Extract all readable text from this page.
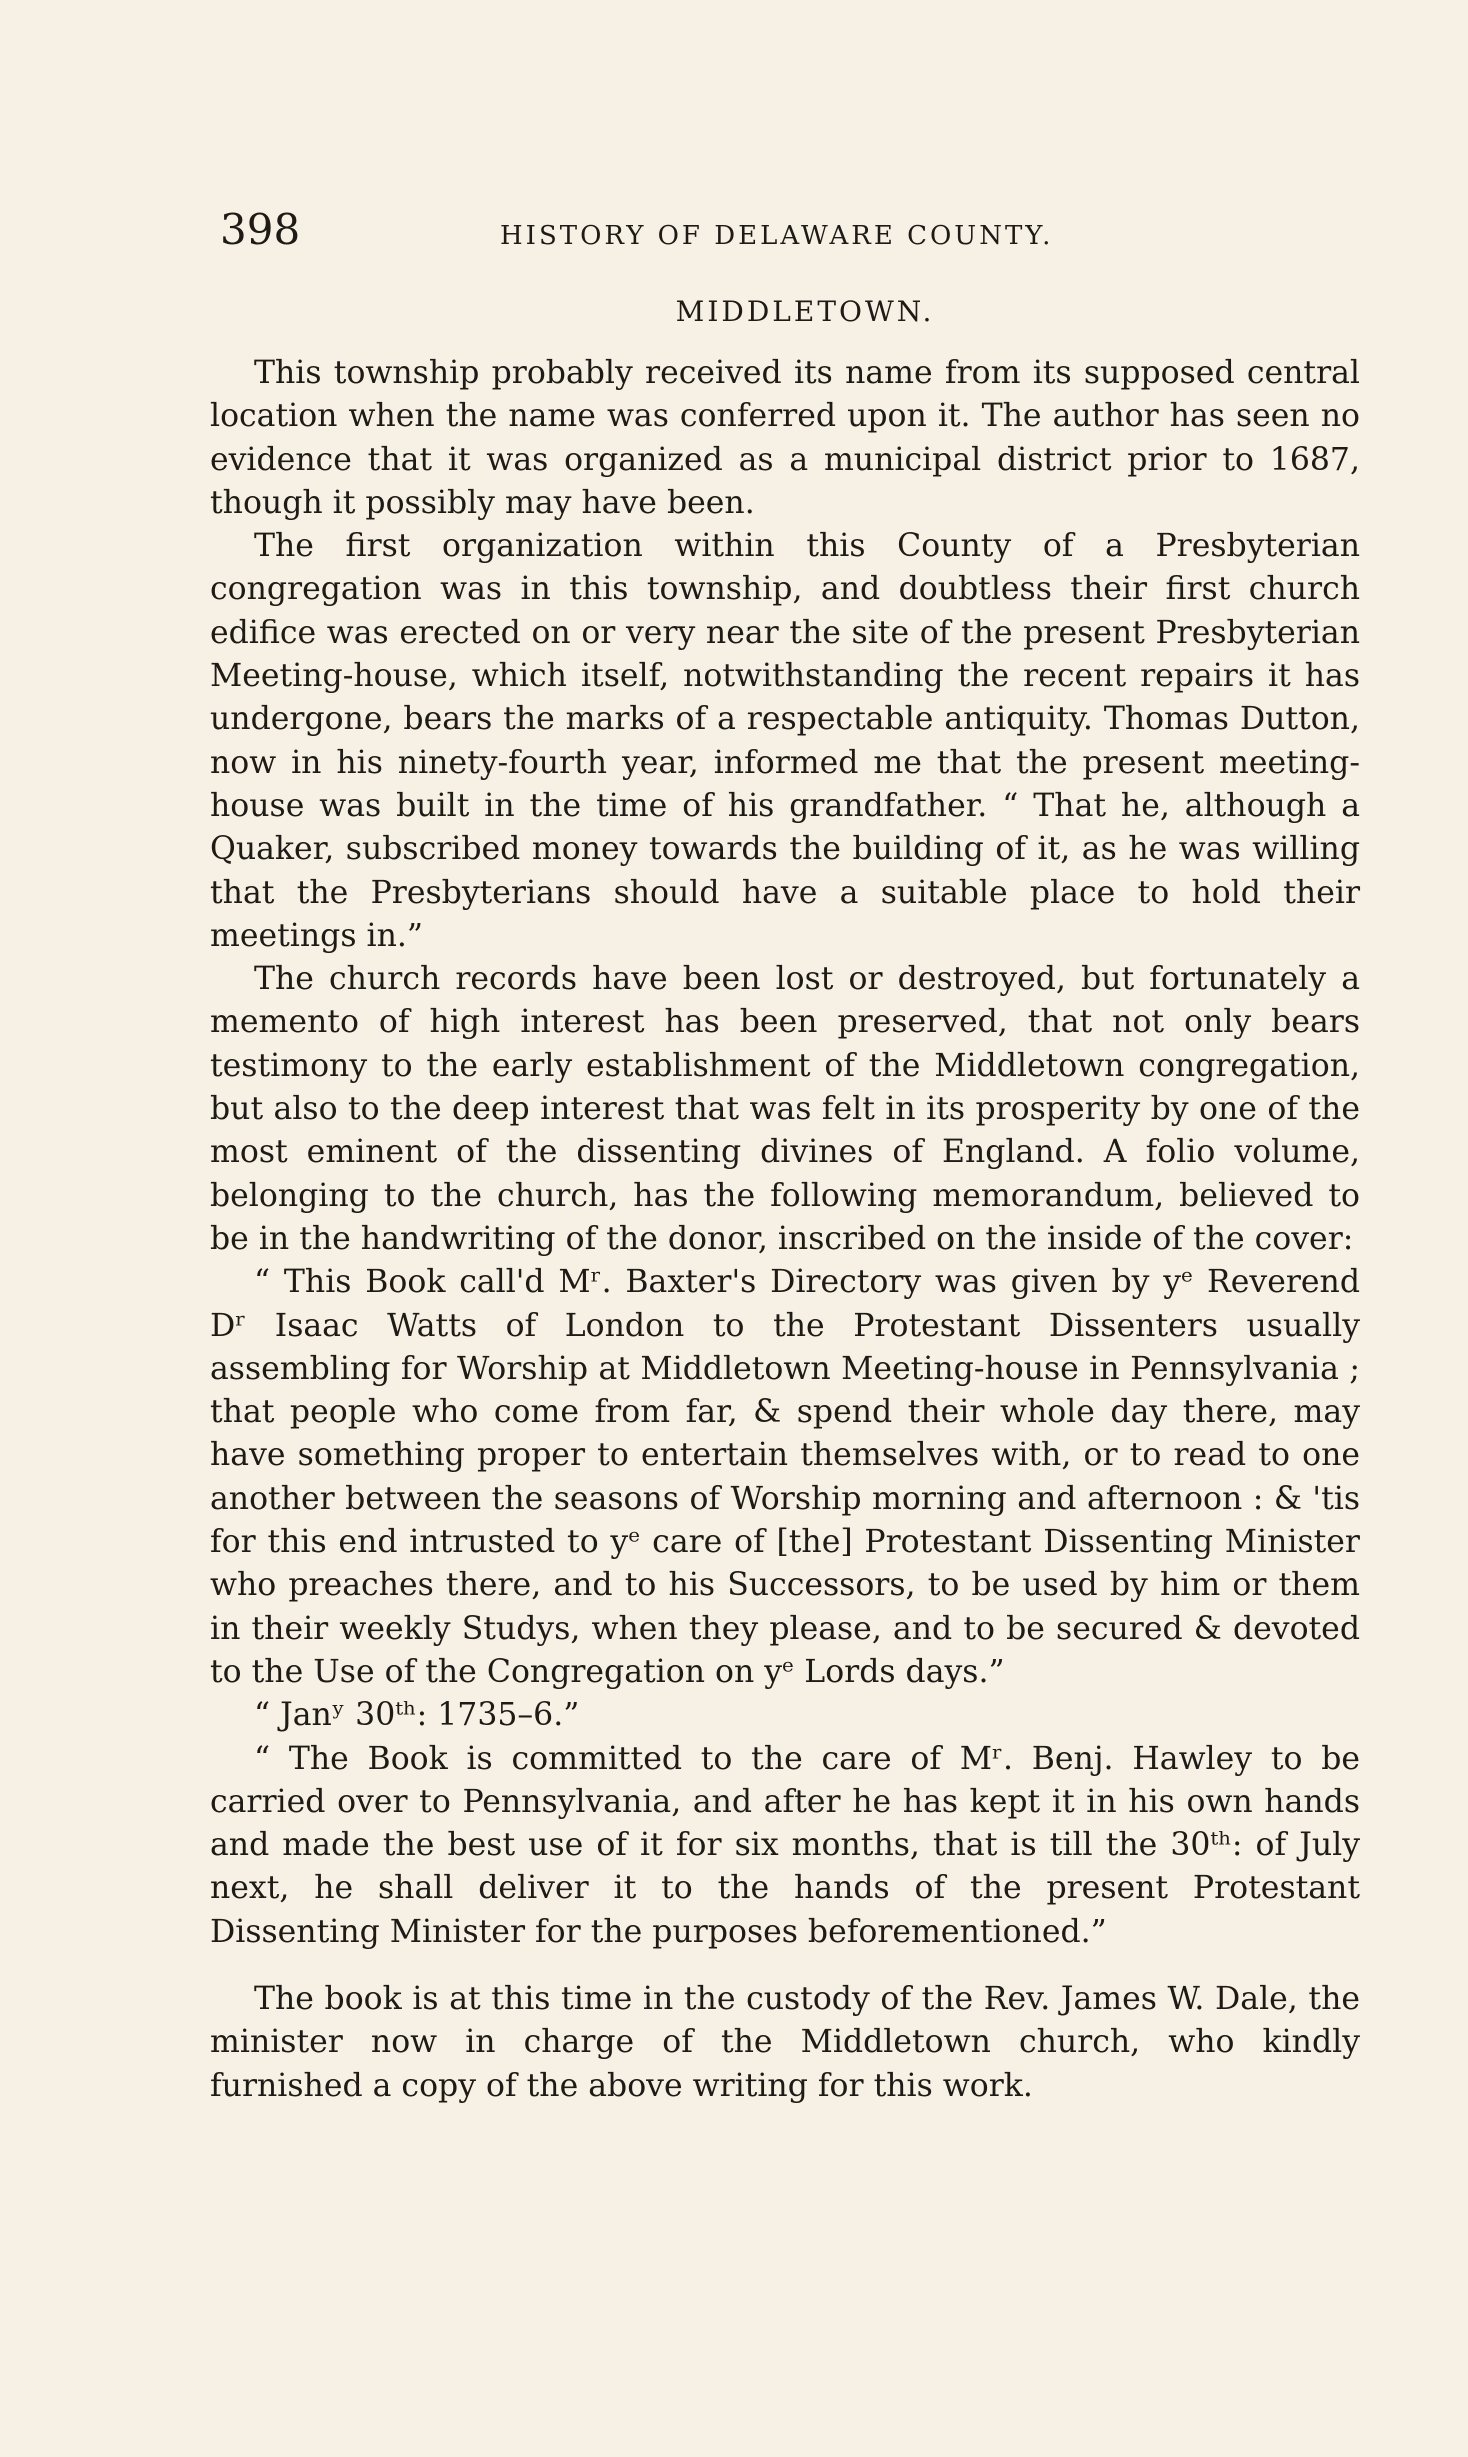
398	HISTORY OF DELAWARE COUNTY.
MIDDLETOWN.

This township probably received its name from its supposed central location when the name was conferred upon it. The author has seen no evidence that it was organized as a municipal district prior to 1687, though it possibly may have been.

The first organization within this County of a Presbyterian congregation was in this township, and doubtless their first church edifice was erected on or very near the site of the present Presbyterian Meeting-house, which itself, notwithstanding the recent repairs it has undergone, bears the marks of a respectable antiquity. Thomas Dutton, now in his ninety-fourth year, informed me that the present meeting-house was built in the time of his grandfather. “ That he, although a Quaker, subscribed money towards the building of it, as he was willing that the Presbyterians should have a suitable place to hold their meetings in.”

The church records have been lost or destroyed, but fortunately a memento of high interest has been preserved, that not only bears testimony to the early establishment of the Middletown congregation, but also to the deep interest that was felt in its prosperity by one of the most eminent of the dissenting divines of England. A folio volume, belonging to the church, has the following memorandum, believed to be in the handwriting of the donor, inscribed on the inside of the cover:

“ This Book call'd Mʳ. Baxter's Directory was given by yᵉ Reverend Dʳ Isaac Watts of London to the Protestant Dissenters usually assembling for Worship at Middletown Meeting-house in Pennsylvania ; that people who come from far, & spend their whole day there, may have something proper to entertain themselves with, or to read to one another between the seasons of Worship morning and afternoon : & 'tis for this end intrusted to yᵉ care of [the] Protestant Dissenting Minister who preaches there, and to his Successors, to be used by him or them in their weekly Studys, when they please, and to be secured & devoted to the Use of the Congregation on yᵉ Lords days.”

“ Janʸ 30ᵗʰ: 1735–6.”

“ The Book is committed to the care of Mʳ. Benj. Hawley to be carried over to Pennsylvania, and after he has kept it in his own hands and made the best use of it for six months, that is till the 30ᵗʰ: of July next, he shall deliver it to the hands of the present Protestant Dissenting Minister for the purposes beforementioned.”

The book is at this time in the custody of the Rev. James W. Dale, the minister now in charge of the Middletown church, who kindly furnished a copy of the above writing for this work.
